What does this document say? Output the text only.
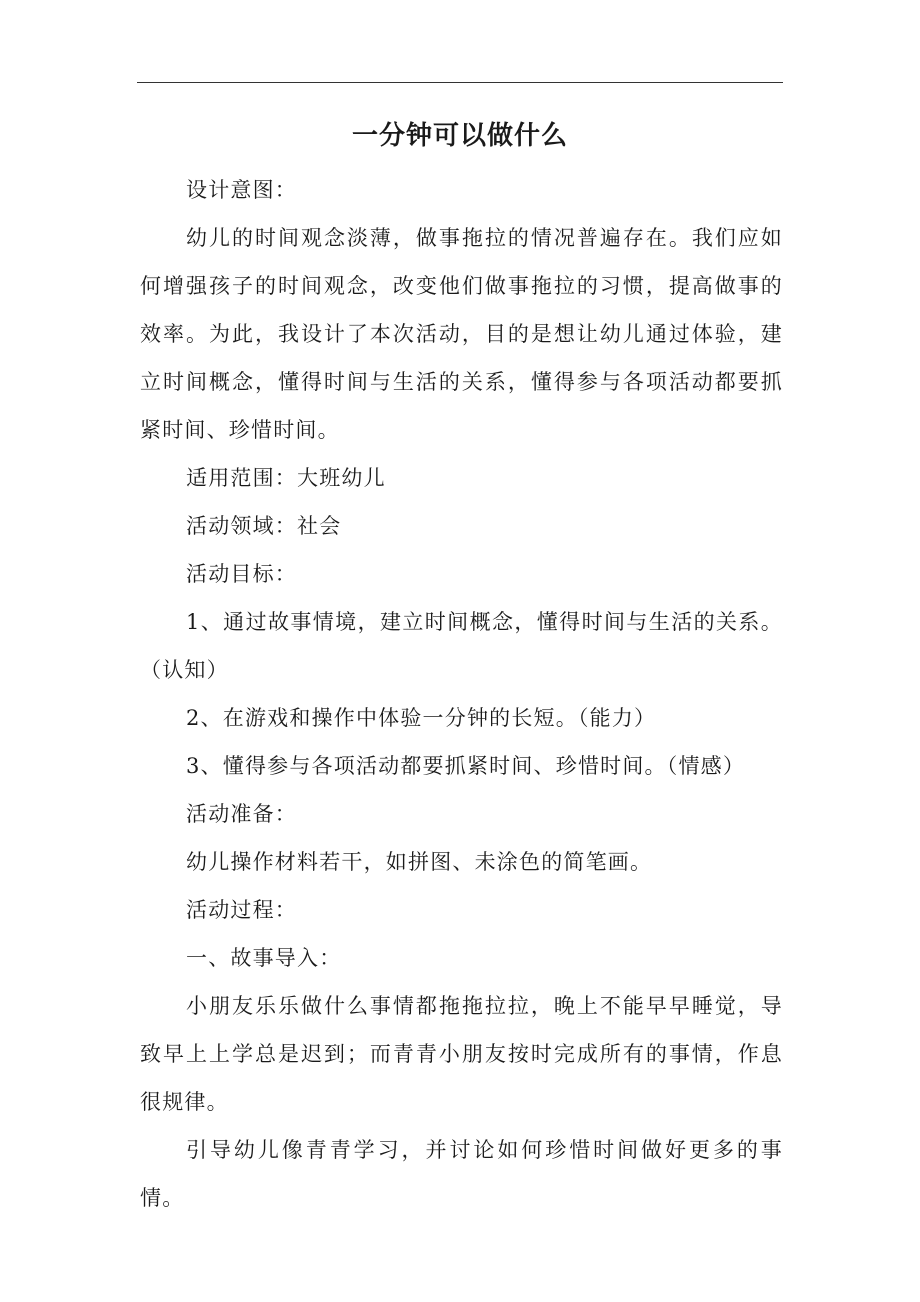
一分钟可以做什么

设计意图：

幼儿的时间观念淡薄，做事拖拉的情况普遍存在。我们应如何增强孩子的时间观念，改变他们做事拖拉的习惯，提高做事的效率。为此，我设计了本次活动，目的是想让幼儿通过体验，建立时间概念，懂得时间与生活的关系，懂得参与各项活动都要抓紧时间、珍惜时间。

适用范围：大班幼儿

活动领域：社会

活动目标：

1、通过故事情境，建立时间概念，懂得时间与生活的关系。（认知）

2、在游戏和操作中体验一分钟的长短。（能力）

3、懂得参与各项活动都要抓紧时间、珍惜时间。（情感）

活动准备：

幼儿操作材料若干，如拼图、未涂色的简笔画。

活动过程：

一、故事导入：

小朋友乐乐做什么事情都拖拖拉拉，晚上不能早早睡觉，导致早上上学总是迟到；而青青小朋友按时完成所有的事情，作息很规律。

引导幼儿像青青学习，并讨论如何珍惜时间做好更多的事情。
